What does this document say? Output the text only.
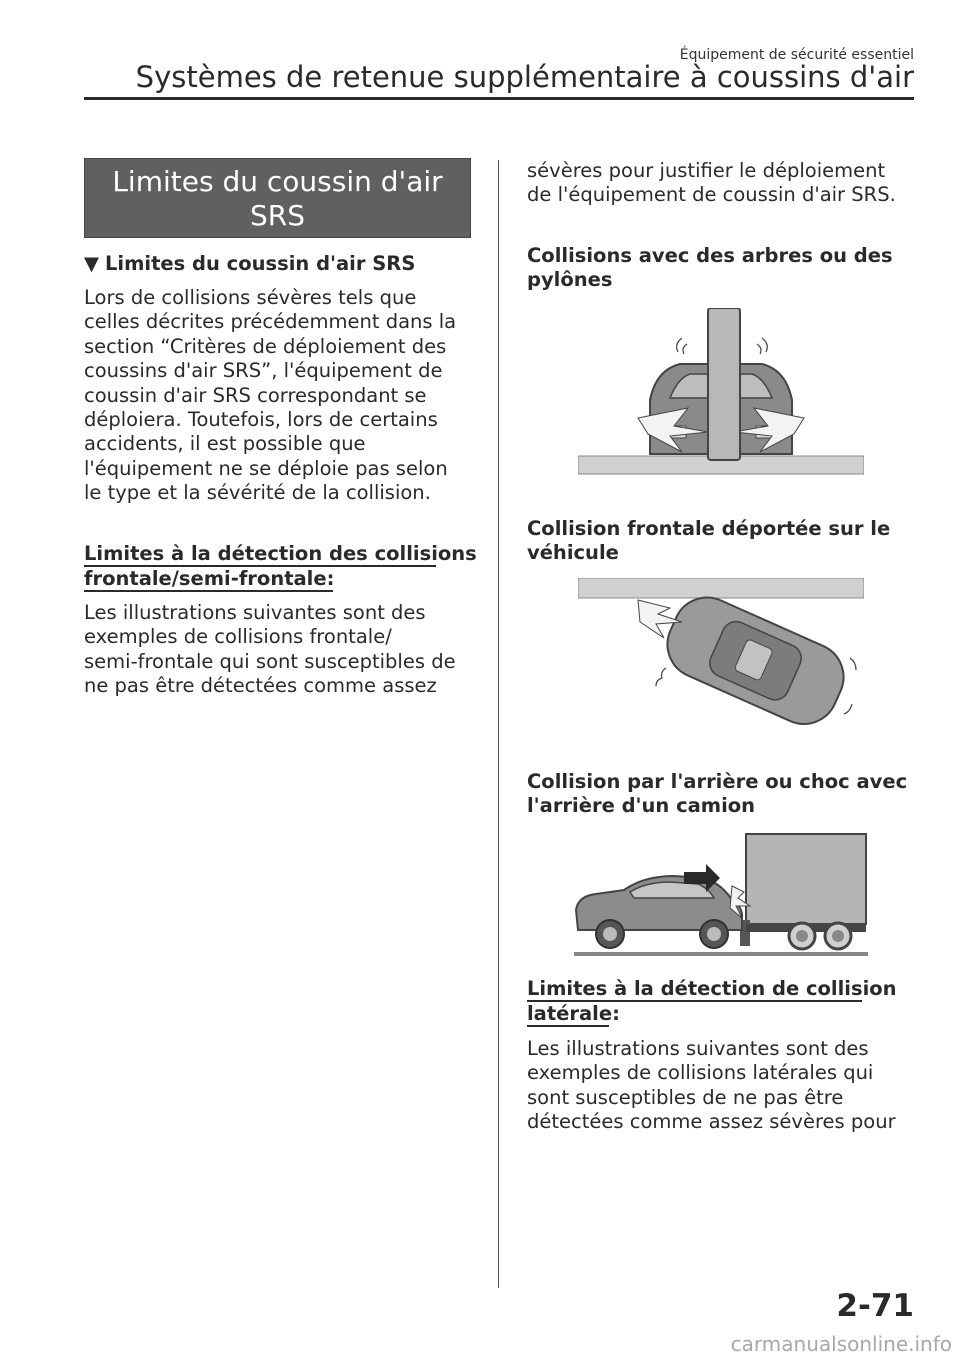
Équipement de sécurité essentiel
Systèmes de retenue supplémentaire à coussins d'air
Limites du coussin d'air
SRS
▼ Limites du coussin d'air SRS
Lors de collisions sévères tels que
celles décrites précédemment dans la
section “Critères de déploiement des
coussins d'air SRS”, l'équipement de
coussin d'air SRS correspondant se
déploiera. Toutefois, lors de certains
accidents, il est possible que
l'équipement ne se déploie pas selon
le type et la sévérité de la collision.
Limites à la détection des collisions
frontale/semi-frontale:
Les illustrations suivantes sont des
exemples de collisions frontale/
semi-frontale qui sont susceptibles de
ne pas être détectées comme assez
sévères pour justifier le déploiement
de l'équipement de coussin d'air SRS.
Collisions avec des arbres ou des
pylônes
Collision frontale déportée sur le
véhicule
Collision par l'arrière ou choc avec
l'arrière d'un camion
Limites à la détection de collision
latérale:
Les illustrations suivantes sont des
exemples de collisions latérales qui
sont susceptibles de ne pas être
détectées comme assez sévères pour
2-71
carmanualsonline.info
